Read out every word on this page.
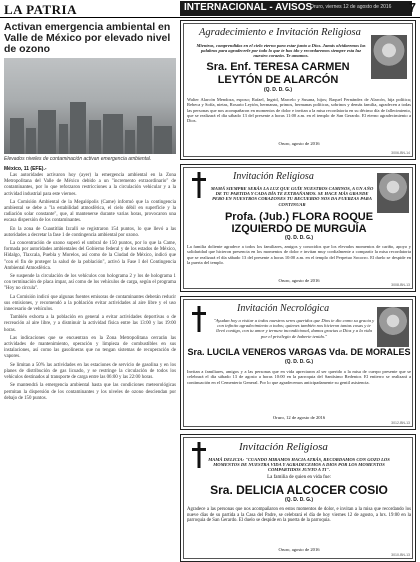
LA PATRIA	INTERNACIONAL - AVISOS
Oruro, viernes 12 de agosto de 2016 7
Activan emergencia ambiental en Valle de México por elevado nivel de ozono
Elevados niveles de contaminación activan emergencia ambiental.
México, 11 (EFE).-

Las autoridades activaron hoy (ayer) la emergencia ambiental en la Zona Metropolitana del Valle de México debido a un "incremento extraordinario" de contaminantes, por lo que reforzaron restricciones a la circulación vehicular y a la actividad industrial para este viernes.

La Comisión Ambiental de la Megalópolis (Came) informó que la contingencia ambiental se debe a "la estabilidad atmosférica, el cielo débil en superficie y la radiación solar constante", que, al mantenerse durante varias horas, provocaron una escasa dispersión de los contaminantes.

En la zona de Cuautitlán Izcalli se registraron 154 puntos, lo que llevó a las autoridades a decretar la fase 1 de contingencia ambiental por ozono.

La concentración de ozono superó el umbral de 150 puntos, por lo que la Came, formada por autoridades ambientales del Gobierno federal y de los estados de México, Hidalgo, Tlaxcala, Puebla y Morelos, así como de la Ciudad de México, indicó que "con el fin de proteger la salud de la población", activó la Fase I del Contingencia Ambiental Atmosférica.

Se suspende la circulación de los vehículos con holograma 2 y los de holograma 1 con terminación de placa impar, así como de los vehículos de carga, según el programa "Hoy no circula".

La Comisión indicó que algunas fuentes emisoras de contaminantes deberán reducir sus emisiones, y recomendó a la población evitar actividades al aire libre y el uso innecesario de vehículos.

También exhorta a la población en general a evitar actividades deportivas o de recreación al aire libre, y a disminuir la actividad física entre las 13:00 y las 19:00 horas.

Las indicaciones que se encuentran en la Zona Metropolitana cerrarán las actividades de mantenimiento, operación y limpieza de combustibles en sus instalaciones, así como las gasolineras que no tengan sistemas de recuperación de vapores.

Se limitan a 50% las actividades en las estaciones de servicio de gasolina y en los planes de distribución de gas licuado, y se restringe la circulación de todos los vehículos destinados al transporte de carga entre las 06:00 y las 22:00 horas.

Se mantendrá la emergencia ambiental hasta que las condiciones meteorológicas permitan la dispersión de los contaminantes y los niveles de ozono desciendan por debajo de 150 puntos.

Agradecimiento e Invitación Religiosa
Mientras, comprendidas en el cielo eterno para estar junto a Dios. Jamás olvidaremos las palabras para agradecerle por todo lo que te has ido y recordaremos siempre esta luz nuestro corazón. Te amamos.
Sra. Enf. TERESA CARMEN
LEYTÓN DE ALARCÓN
(Q. D. D. G.)
Walter Alarcón Mendoza, esposo; Rafael, Ingrid, Marcelo y Susana, hijos; Raquel Fernández de Alarcón, hija política; Rebeca y Sofía, nietas, Rosario Leytón, hermanas, primos, hermanas políticas, sobrinos y demás familia, agradecen a todas las personas que nos acompañaron en momentos de dolor e invitan a la misa recordatoria en su décimo día de fallecimiento, que se realizará el día sábado 13 del presente a horas 11:00 a.m. en el templo de San Gerardo. El eterno agradecimiento a Dios.
Oruro, agosto de 2016
3006-BN-14
Invitación Religiosa
MAMÁ SIEMPRE SERÁS LA LUZ QUE GUÍE NUESTROS CAMINOS, A UN AÑO DE TU PARTIDA Y CADA DÍA TE EXTRAÑAMOS. SE HACE MÁS GRANDE PERO EN NUESTROS CORAZONES TU RECUERDO NOS DA FUERZAS PARA CONTINUAR
Profa. (Jub.) FLORA ROQUE
IZQUIERDO DE MURGUÍA
(Q. D. D. G.)
La familia doliente agradece a todos los familiares, amigos y conocidos que los elevados momentos de cariño, apoyo y solidaridad que hicieron presencia en los momentos de dolor e invitan muy cordialmente a compartir la misa recordatoria que se realizará el día sábado 13 del presente a horas 10:00 a.m. en el templo del Perpetuo Socorro. El duelo se despide en la puerta del templo.
Oruro, agosto de 2016
3008-BN-13
Invitación Necrológica
"Ayudan hoy a visitar a todos nuestros seres queridos que Dios te dio como su gracia y con infinito agradecimiento a todos; quienes también nos hicieron tantas cosas y te llevó contigo, con tu amor y ternura incondicional, damos gracias a Dios y a la vida por el privilegio de haberte tenido."
Sra. LUCILA VENEROS VARGAS Vda. DE MORALES
(Q. D. D. G.)
Invitan a familiares, amigos y a las personas que en vida apreciaron al ser querido a la misa de cuerpo presente que se celebrará el día sábado 13 de agosto a horas 10:00 en la parroquia del Santísimo Redentor. El entierro se realizará a continuación en el Cementerio General. Por lo que agradecemos anticipadamente su gentil asistencia.
Oruro, 12 de agosto de 2016
3012-BN-13
Invitación Religiosa
MAMÁ DELICIA: "CUANDO MIRAMOS HACIA ATRÁS, RECORDAMOS CON GOZO LOS MOMENTOS DE NUESTRA VIDA Y AGRADECEMOS A DIOS POR LOS MOMENTOS COMPARTIDOS JUNTO A TI".
La familia de quien en vida fue:
Sra. DELICIA ALCOCER COSIO
(Q. D. D. G.)
Agradece a las personas que nos acompañaron en estos momentos de dolor, e invitan a la misa que recordando los nueve días de su partida a la Casa del Padre, se celebrará el día de hoy viernes 12 de agosto, a hrs. 19:00 en la parroquia de San Gerardo. El duelo se despide en la puerta de la parroquia.
Oruro, agosto de 2016
3010-BN-13
